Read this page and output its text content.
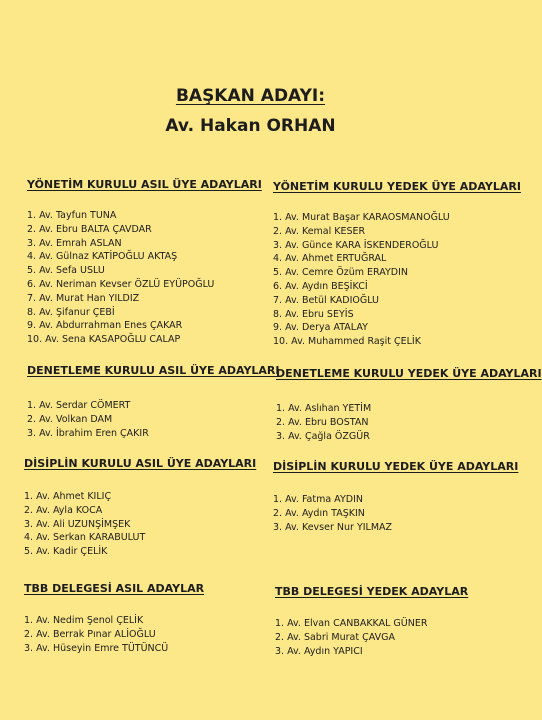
BAŞKAN ADAYI:
Av. Hakan ORHAN
YÖNETİM KURULU ASIL ÜYE ADAYLARI
1. Av. Tayfun TUNA
2. Av. Ebru BALTA ÇAVDAR
3. Av. Emrah ASLAN
4. Av. Gülnaz KATİPOĞLU AKTAŞ
5. Av. Sefa USLU
6. Av. Neriman Kevser ÖZLÜ EYÜPOĞLU
7. Av. Murat Han YILDIZ
8. Av. Şifanur ÇEBİ
9. Av. Abdurrahman Enes ÇAKAR
10. Av. Sena KASAPOĞLU CALAP
YÖNETİM KURULU YEDEK ÜYE ADAYLARI
1. Av. Murat Başar KARAOSMANOĞLU
2. Av. Kemal KESER
3. Av. Günce KARA İSKENDEROĞLU
4. Av. Ahmet ERTUĞRAL
5. Av. Cemre Özüm ERAYDIN
6. Av. Aydın BEŞİKCİ
7. Av. Betül KADIOĞLU
8. Av. Ebru SEYİS
9. Av. Derya ATALAY
10. Av. Muhammed Raşit ÇELİK
DENETLEME KURULU ASIL ÜYE ADAYLARI
1. Av. Serdar CÖMERT
2. Av. Volkan DAM
3. Av. İbrahim Eren ÇAKIR
DENETLEME KURULU YEDEK ÜYE ADAYLARI
1. Av. Aslıhan YETİM
2. Av. Ebru BOSTAN
3. Av. Çağla ÖZGÜR
DİSİPLİN KURULU ASIL ÜYE ADAYLARI
1. Av. Ahmet KILIÇ
2. Av. Ayla KOCA
3. Av. Ali UZUNŞİMŞEK
4. Av. Serkan KARABULUT
5. Av. Kadir ÇELİK
DİSİPLİN KURULU YEDEK ÜYE ADAYLARI
1. Av. Fatma AYDIN
2. Av. Aydın TAŞKIN
3. Av. Kevser Nur YILMAZ
TBB DELEGESİ ASIL ADAYLAR
1. Av. Nedim Şenol ÇELİK
2. Av. Berrak Pınar ALİOĞLU
3. Av. Hüseyin Emre TÜTÜNCÜ
TBB DELEGESİ YEDEK ADAYLAR
1. Av. Elvan CANBAKKAL GÜNER
2. Av. Sabri Murat ÇAVGA
3. Av. Aydın YAPICI
